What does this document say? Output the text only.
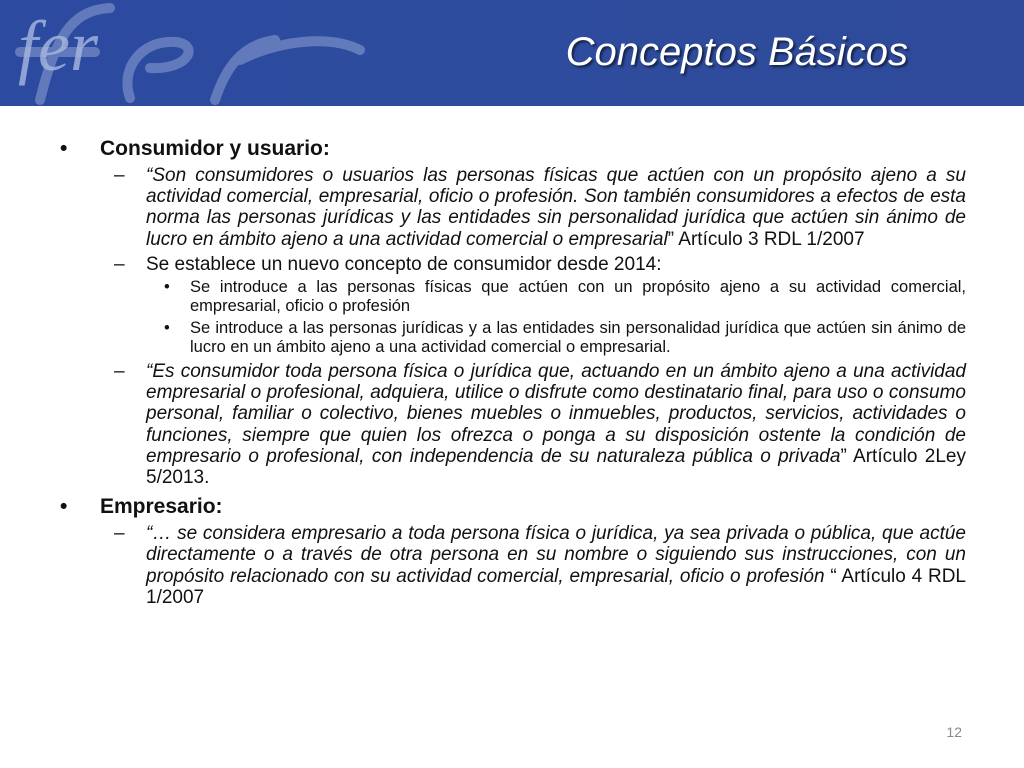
fer	Conceptos Básicos
• Consumidor y usuario:
– “Son consumidores o usuarios las personas físicas que actúen con un propósito ajeno a su actividad comercial, empresarial, oficio o profesión. Son también consumidores a efectos de esta norma las personas jurídicas y las entidades sin personalidad jurídica que actúen sin ánimo de lucro en ámbito ajeno a una actividad comercial o empresarial” Artículo 3 RDL 1/2007
– Se establece un nuevo concepto de consumidor desde 2014:
• Se introduce a las personas físicas que actúen con un propósito ajeno a su actividad comercial, empresarial, oficio o profesión
• Se introduce a las personas jurídicas y a las entidades sin personalidad jurídica que actúen sin ánimo de lucro en un ámbito ajeno a una actividad comercial o empresarial.
– “Es consumidor toda persona física o jurídica que, actuando en un ámbito ajeno a una actividad empresarial o profesional, adquiera, utilice o disfrute como destinatario final, para uso o consumo personal, familiar o colectivo, bienes muebles o inmuebles, productos, servicios, actividades o funciones, siempre que quien los ofrezca o ponga a su disposición ostente la condición de empresario o profesional, con independencia de su naturaleza pública o privada” Artículo 2Ley 5/2013.
• Empresario:
– “… se considera empresario a toda persona física o jurídica, ya sea privada o pública, que actúe directamente o a través de otra persona en su nombre o siguiendo sus instrucciones, con un propósito relacionado con su actividad comercial, empresarial, oficio o profesión “ Artículo 4 RDL 1/2007
12
